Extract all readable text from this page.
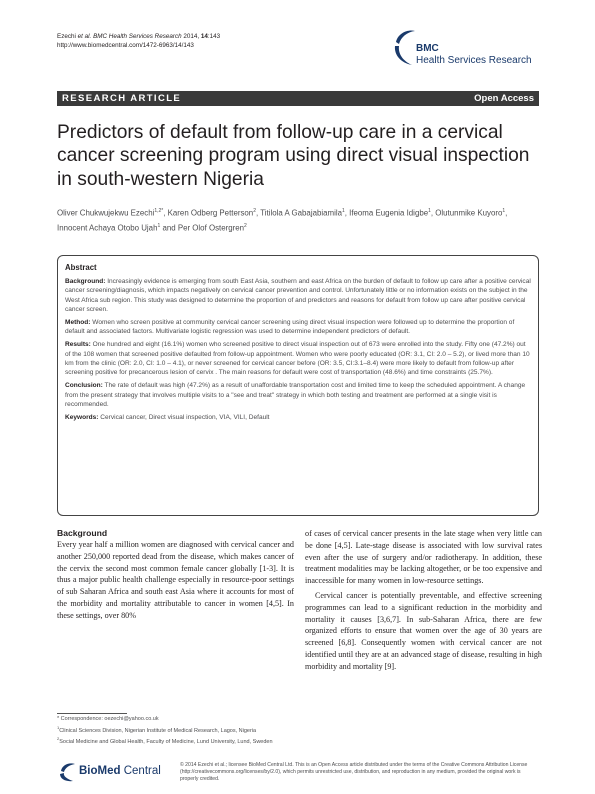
Ezechi et al. BMC Health Services Research 2014, 14:143
http://www.biomedcentral.com/1472-6963/14/143	BMC
Health Services Research
RESEARCH ARTICLE	Open Access
Predictors of default from follow-up care in a cervical cancer screening program using direct visual inspection in south-western Nigeria
Oliver Chukwujekwu Ezechi$^{1,2*}$, Karen Odberg Petterson$^2$, Titilola A Gabajabiamila$^1$, Ifeoma Eugenia Idigbe$^1$, Olutunmike Kuyoro$^1$, Innocent Achaya Otobo Ujah$^1$ and Per Olof Ostergren$^2$
Abstract

Background: Increasingly evidence is emerging from south East Asia, southern and east Africa on the burden of default to follow up care after a positive cervical cancer screening/diagnosis, which impacts negatively on cervical cancer prevention and control. Unfortunately little or no information exists on the subject in the West Africa sub region. This study was designed to determine the proportion of and predictors and reasons for default from follow up care after positive cervical cancer screen.

Method: Women who screen positive at community cervical cancer screening using direct visual inspection were followed up to determine the proportion of default and associated factors. Multivariate logistic regression was used to determine independent predictors of default.

Results: One hundred and eight (16.1%) women who screened positive to direct visual inspection out of 673 were enrolled into the study. Fifty one (47.2%) out of the 108 women that screened positive defaulted from follow-up appointment. Women who were poorly educated (OR: 3.1, CI: 2.0 – 5.2), or lived more than 10 km from the clinic (OR: 2.0, CI: 1.0 – 4.1), or never screened for cervical cancer before (OR: 3.5, CI:3.1–8.4) were more likely to default from follow-up after screening positive for precancerous lesion of cervix . The main reasons for default were cost of transportation (48.6%) and time constraints (25.7%).

Conclusion: The rate of default was high (47.2%) as a result of unaffordable transportation cost and limited time to keep the scheduled appointment. A change from the present strategy that involves multiple visits to a "see and treat" strategy in which both testing and treatment are performed at a single visit is recommended.

Keywords: Cervical cancer, Direct visual inspection, VIA, VILI, Default

Background

Every year half a million women are diagnosed with cervical cancer and another 250,000 reported dead from the disease, which makes cancer of the cervix the second most common female cancer globally [1-3]. It is thus a major public health challenge especially in resource-poor settings of sub Saharan Africa and south east Asia where it accounts for most of the morbidity and mortality attributable to cancer in women [4,5]. In these settings, over 80%

of cases of cervical cancer presents in the late stage when very little can be done [4,5]. Late-stage disease is associated with low survival rates even after the use of surgery and/or radiotherapy. In addition, these treatment modalities may be lacking altogether, or be too expensive and inaccessible for many women in low-resource settings.

Cervical cancer is potentially preventable, and effective screening programmes can lead to a significant reduction in the morbidity and mortality it causes [3,6,7]. In sub-Saharan Africa, there are few organized efforts to ensure that women over the age of 30 years are screened [6,8]. Consequently women with cervical cancer are not identified until they are at an advanced stage of disease, resulting in high morbidity and mortality [9].

* Correspondence: oezechi@yahoo.co.uk
$^1$Clinical Sciences Division, Nigerian Institute of Medical Research, Lagos, Nigeria
$^2$Social Medicine and Global Health, Faculty of Medicine, Lund University, Lund, Sweden
BioMed Central	© 2014 Ezechi et al.; licensee BioMed Central Ltd. This is an Open Access article distributed under the terms of the Creative Commons Attribution License (http://creativecommons.org/licenses/by/2.0), which permits unrestricted use, distribution, and reproduction in any medium, provided the original work is properly credited.
